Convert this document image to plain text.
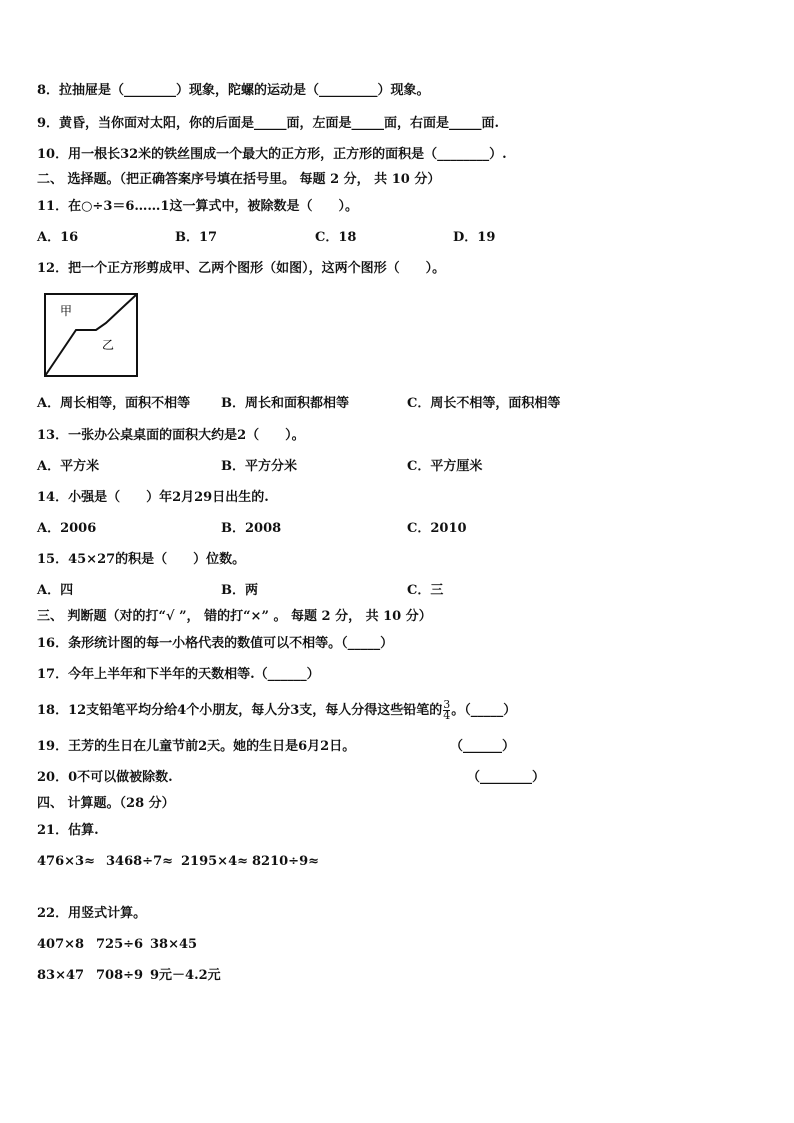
8．拉抽屉是（________）现象，陀螺的运动是（_________）现象。
9．黄昏，当你面对太阳，你的后面是_____面，左面是_____面，右面是_____面.
10．用一根长32米的铁丝围成一个最大的正方形，正方形的面积是（________）.
二、 选择题。（把正确答案序号填在括号里。 每题 2 分， 共 10 分）
11．在○÷3＝6……1这一算式中，被除数是（　　）。
A．16	B．17	C．18	D．19
12．把一个正方形剪成甲、乙两个图形（如图），这两个图形（　　）。
甲
乙
A．周长相等，面积不相等 B．周长和面积都相等	C．周长不相等，面积相等
13．一张办公桌桌面的面积大约是2（　　）。
A．平方米	B．平方分米	C．平方厘米
14．小强是（　　）年2月29日出生的.
A．2006	B．2008	C．2010
15．45×27的积是（　　）位数。
A．四	B．两	C．三
三、 判断题（对的打“√ ”， 错的打“×” 。 每题 2 分， 共 10 分）
16．条形统计图的每一小格代表的数值可以不相等。（_____）
17．今年上半年和下半年的天数相等.（______）
18．12支铅笔平均分给4个小朋友，每人分3支，每人分得这些铅笔的$\frac{3}{4}$ 。（_____）
19．王芳的生日在儿童节前2天。她的生日是6月2日。	（______）
20．0不可以做被除数.	（________）
四、 计算题。（28 分）
21．估算.
476×3≈ 3468÷7≈ 2195×4≈ 8210÷9≈
22．用竖式计算。
407×8 725÷6 38×45
83×47 708÷9 9元－4.2元
